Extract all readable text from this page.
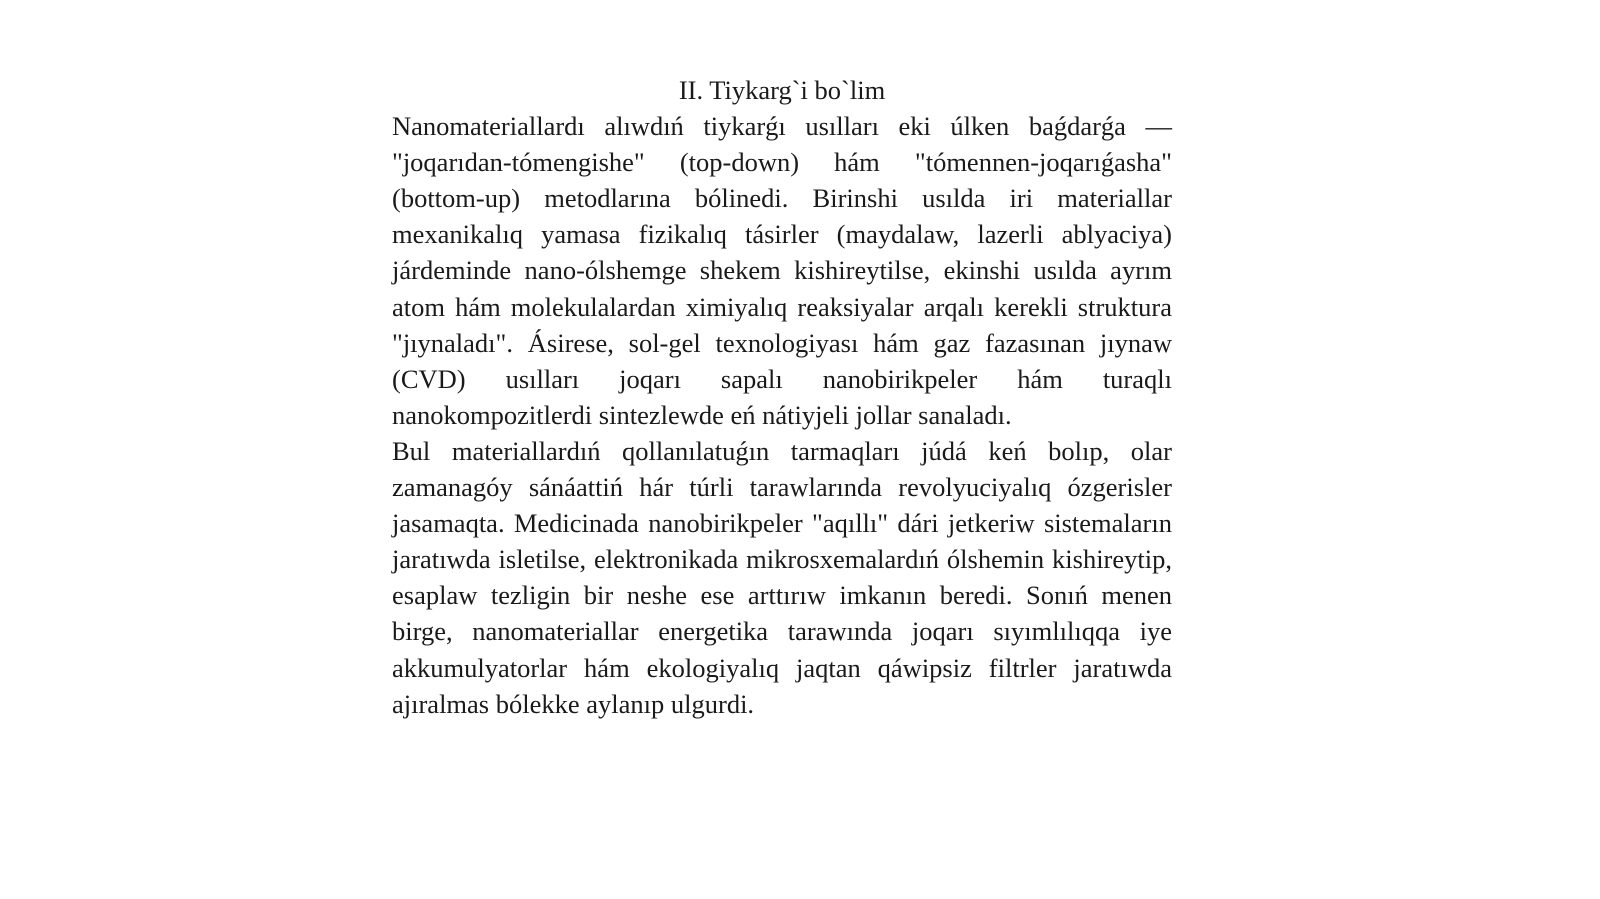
II. Tiykarg`i bo`lim

Nanomateriallardı alıwdıń tiykarǵı usılları eki úlken baǵdarǵa — "joqarıdan-tómengishe" (top-down) hám "tómennen-joqarıǵasha" (bottom-up) metodlarına bólinedi. Birinshi usılda iri materiallar mexanikalıq yamasa fizikalıq tásirler (maydalaw, lazerli ablyaciya) járdeminde nano-ólshemge shekem kishireytilse, ekinshi usılda ayrım atom hám molekulalardan ximiyalıq reaksiyalar arqalı kerekli struktura "jıynaladı". Ásirese, sol-gel texnologiyası hám gaz fazasınan jıynaw (CVD) usılları joqarı sapalı nanobirikpeler hám turaqlı nanokompozitlerdi sintezlewde eń nátiyjeli jollar sanaladı.

Bul materiallardıń qollanılatuǵın tarmaqları júdá keń bolıp, olar zamanagóy sánáattiń hár túrli tarawlarında revolyuciyalıq ózgerisler jasamaqta. Medicinada nanobirikpeler "aqıllı" dári jetkeriw sistemaların jaratıwda isletilse, elektronikada mikrosxemalardıń ólshemin kishireytip, esaplaw tezligin bir neshe ese arttırıw imkanın beredi. Sonıń menen birge, nanomateriallar energetika tarawında joqarı sıyımlılıqqa iye akkumulyatorlar hám ekologiyalıq jaqtan qáwipsiz filtrler jaratıwda ajıralmas bólekke aylanıp ulgurdi.
